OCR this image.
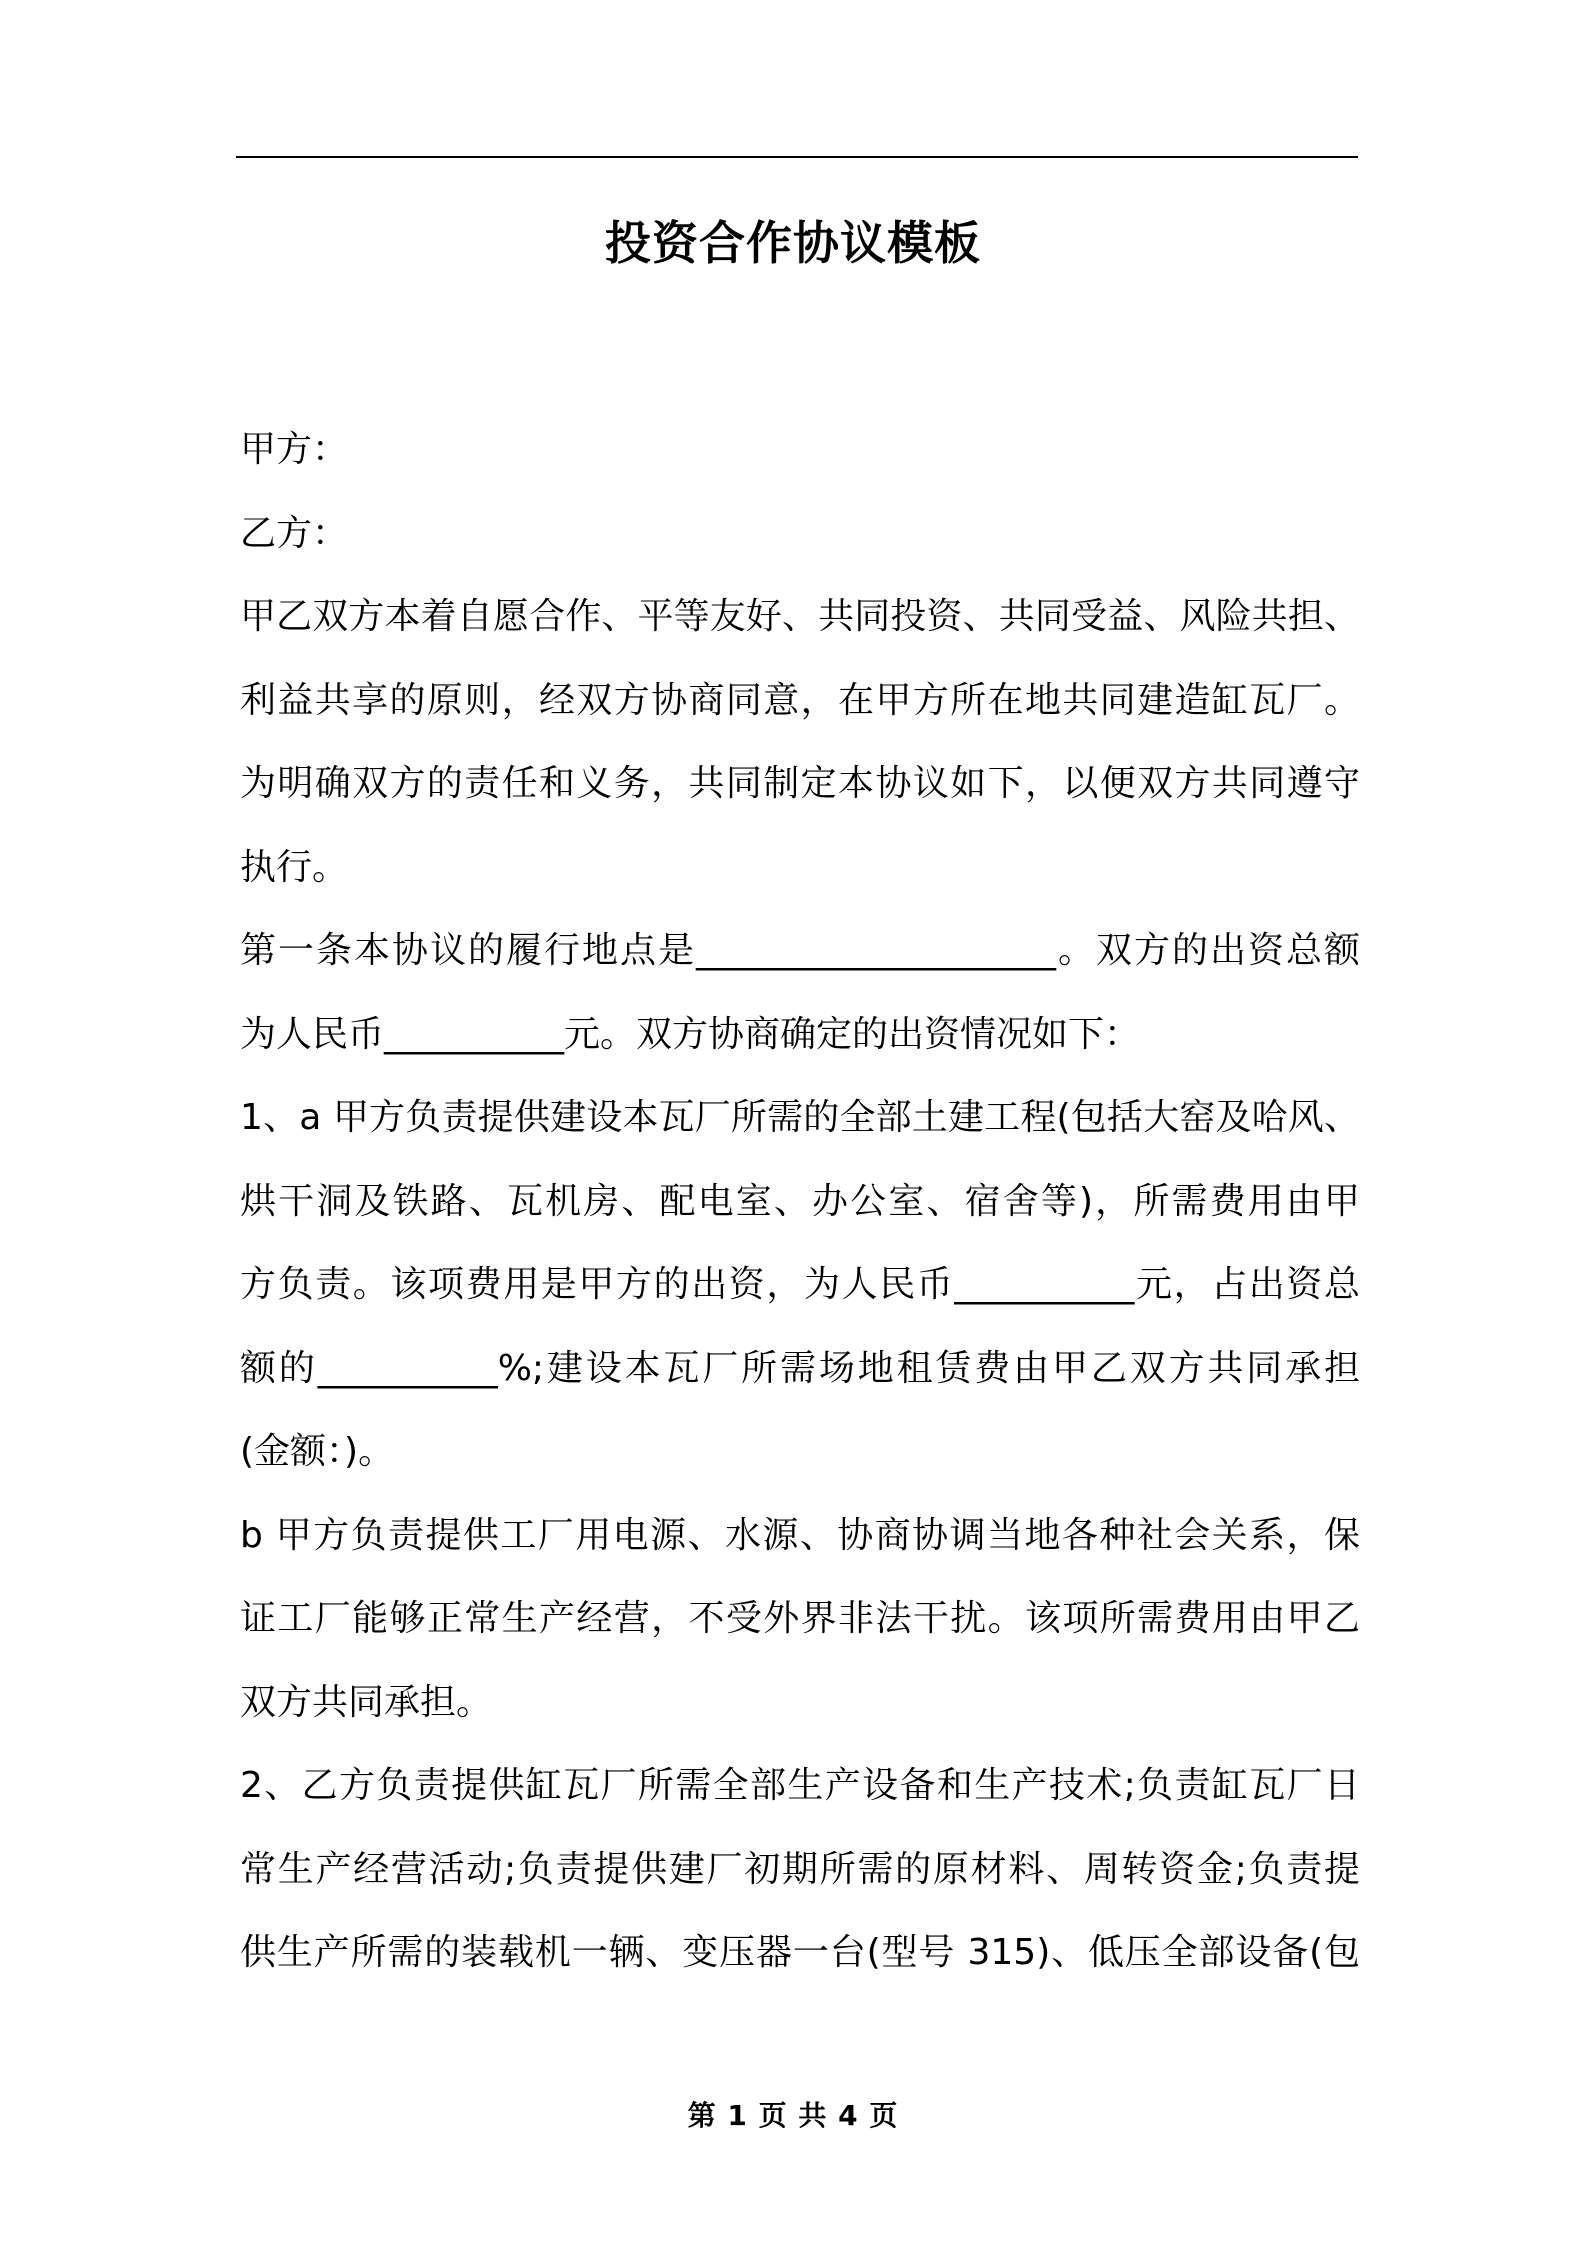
投资合作协议模板
甲方：
乙方：
甲乙双方本着自愿合作、平等友好、共同投资、共同受益、风险共担、
利益共享的原则，经双方协商同意，在甲方所在地共同建造缸瓦厂。
为明确双方的责任和义务，共同制定本协议如下，以便双方共同遵守
执行。
第一条本协议的履行地点是____________________。双方的出资总额
为人民币__________元。双方协商确定的出资情况如下：
1、a 甲方负责提供建设本瓦厂所需的全部土建工程(包括大窑及哈风、
烘干洞及铁路、瓦机房、配电室、办公室、宿舍等)，所需费用由甲
方负责。该项费用是甲方的出资，为人民币__________元，占出资总
额的__________%;建设本瓦厂所需场地租赁费由甲乙双方共同承担
(金额：)。
b 甲方负责提供工厂用电源、水源、协商协调当地各种社会关系，保
证工厂能够正常生产经营，不受外界非法干扰。该项所需费用由甲乙
双方共同承担。
2、乙方负责提供缸瓦厂所需全部生产设备和生产技术;负责缸瓦厂日
常生产经营活动;负责提供建厂初期所需的原材料、周转资金;负责提
供生产所需的装载机一辆、变压器一台(型号 315)、低压全部设备(包
第 1 页 共 4 页
